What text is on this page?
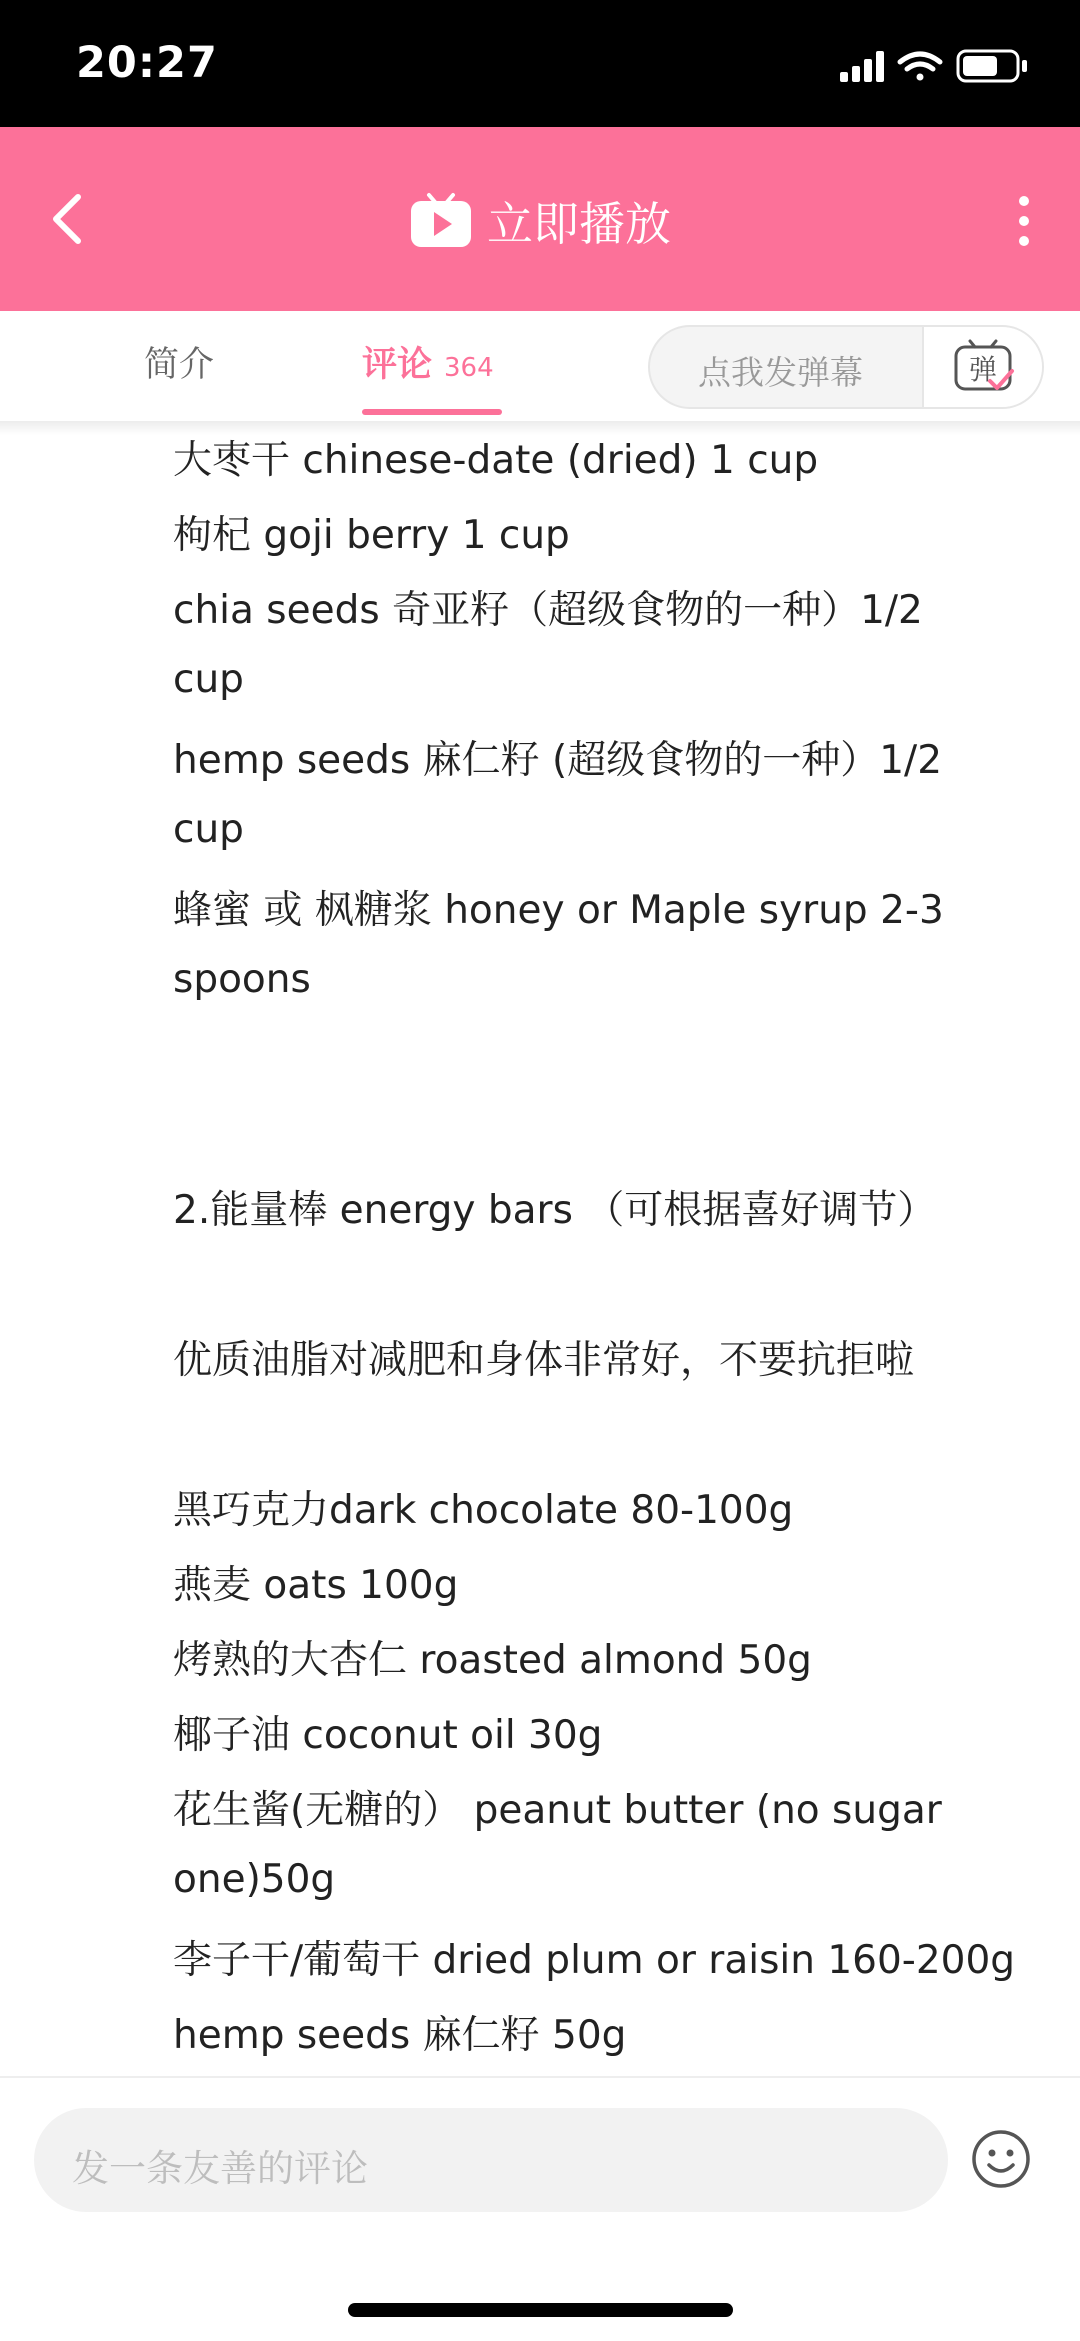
20:27
立即播放
简介	评论 364	点我发弹幕	弹
大枣干 chinese-date (dried) 1 cup
枸杞 goji berry 1 cup
chia seeds 奇亚籽（超级食物的一种）1/2
cup
hemp seeds 麻仁籽 (超级食物的一种）1/2
cup
蜂蜜 或 枫糖浆 honey or Maple syrup 2-3
spoons
2.能量棒 energy bars （可根据喜好调节）
优质油脂对减肥和身体非常好，不要抗拒啦
黑巧克力dark chocolate 80-100g
燕麦 oats 100g
烤熟的大杏仁 roasted almond 50g
椰子油 coconut oil 30g
花生酱(无糖的） peanut butter (no sugar
one)50g
李子干/葡萄干 dried plum or raisin 160-200g
hemp seeds 麻仁籽 50g
发一条友善的评论
